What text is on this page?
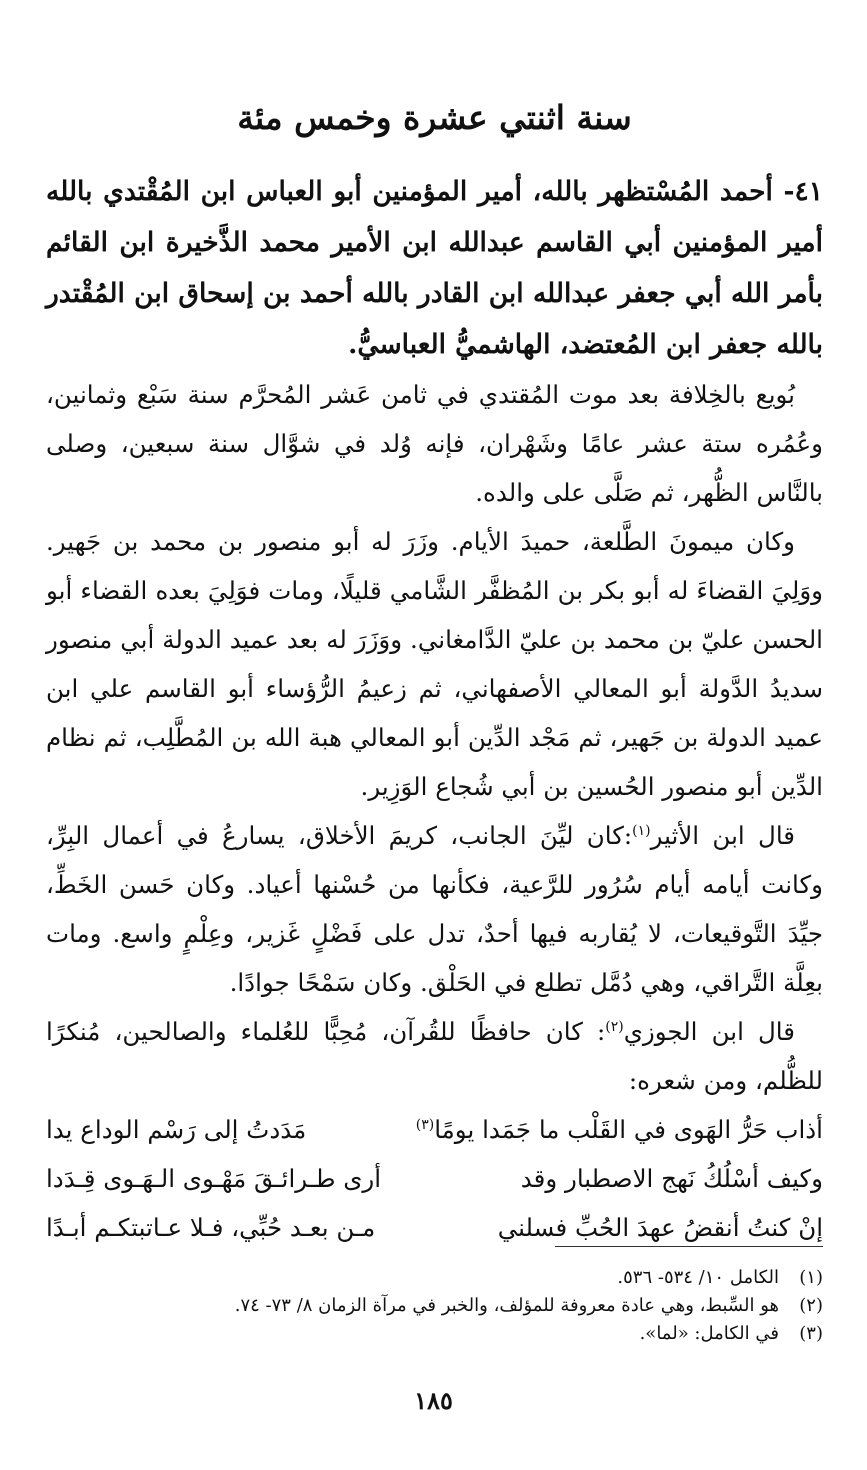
سنة اثنتي عشرة وخمس مئة

٤١- أحمد المُسْتظهر بالله، أمير المؤمنين أبو العباس ابن المُقْتدي بالله أمير المؤمنين أبي القاسم عبدالله ابن الأمير محمد الذَّخيرة ابن القائم بأمر الله أبي جعفر عبدالله ابن القادر بالله أحمد بن إسحاق ابن المُقْتدر بالله جعفر ابن المُعتضد، الهاشميُّ العباسيُّ.

بُويع بالخِلافة بعد موت المُقتدي في ثامن عَشر المُحرَّم سنة سَبْع وثمانين، وعُمُره ستة عشر عامًا وشَهْران، فإنه وُلد في شوَّال سنة سبعين، وصلى بالنَّاس الظُّهر، ثم صَلَّى على والده.

وكان ميمونَ الطَّلعة، حميدَ الأيام. وزَرَ له أبو منصور بن محمد بن جَهير. ووَلِيَ القضاءَ له أبو بكر بن المُظفَّر الشَّامي قليلًا، ومات فوَلِيَ بعده القضاء أبو الحسن عليّ بن محمد بن عليّ الدَّامغاني. ووَزَرَ له بعد عميد الدولة أبي منصور سديدُ الدَّولة أبو المعالي الأصفهاني، ثم زعيمُ الرُّؤساء أبو القاسم علي ابن عميد الدولة بن جَهير، ثم مَجْد الدِّين أبو المعالي هبة الله بن المُطَّلِب، ثم نظام الدِّين أبو منصور الحُسين بن أبي شُجاع الوَزِير.

قال ابن الأثير$^{(١)}$:كان ليِّنَ الجانب، كريمَ الأخلاق، يسارعُ في أعمال البِرِّ، وكانت أيامه أيام سُرُور للرَّعية، فكأنها من حُسْنها أعياد. وكان حَسن الخَطِّ، جيِّدَ التَّوقيعات، لا يُقاربه فيها أحدٌ، تدل على فَضْلٍ غَزير، وعِلْمٍ واسع. ومات بعِلَّة التَّراقي، وهي دُمَّل تطلع في الحَلْق. وكان سَمْحًا جوادًا.

قال ابن الجوزي$^{(٢)}$: كان حافظًا للقُرآن، مُحِبًّا للعُلماء والصالحين، مُنكرًا للظُّلم، ومن شعره:

أذاب حَرُّ الهَوى في القَلْب ما جَمَدا يومًا$^{(٣)}$
مَدَدتُ إلى رَسْم الوداع يدا
وكيف أسْلُكُ نَهج الاصطبار وقد
أرى طـرائـقَ مَهْـوى الـهَـوى قِـدَدا
إنْ كنتُ أنقضُ عهدَ الحُبِّ فسلني
مـن بعـد حُبِّي، فـلا عـاتبتكـم أبـدًا
(١)
الكامل ١٠/ ٥٣٤- ٥٣٦.
(٢)
هو السِّبط، وهي عادة معروفة للمؤلف، والخبر في مرآة الزمان ٨/ ٧٣- ٧٤.
(٣)
في الكامل: «لما».
١٨٥
